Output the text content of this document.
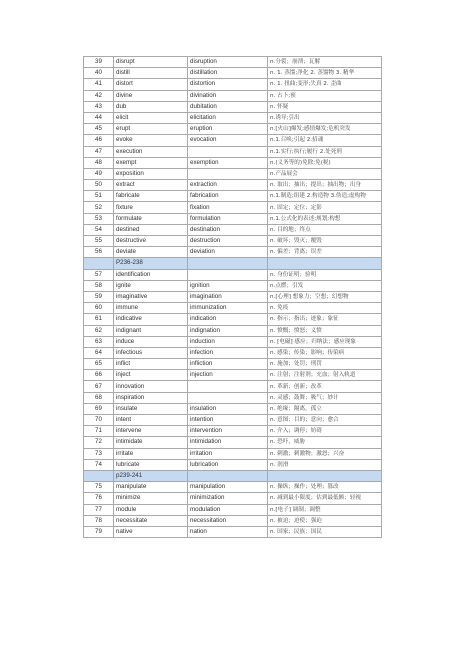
39	disrupt	disruption	n.分裂；崩溃；瓦解
40	distill	distillation	n. 1. 蒸馏;净化 2. 蒸馏物 3. 精华
41	distort	distortion	n. 1. 扭曲;变形;失真 2. 歪曲
42	divine	divination	n. 占卜;预
43	dub	dubitation	n. 怀疑
44	elicit	elicitation	n.诱导;引出
45	erupt	eruption	n.[火山]爆发;感情爆发;危机突发
46	evoke	evocation	n.1.召唤;引起 2.招魂
47	execution		n.1.实行;执行;履行 2.处死刑
48	exempt	exemption	n.(义务等的)免除;免(税)
49	exposition		n.产品展会
50	extract	extraction	n. 取出；抽出；提出；抽出物；出身
51	fabricate	fabrication	n.1.制造;组建 2.构造物 3.伪造;虚构物
52	fixture	fixation	n. 固定；定位；定影
53	formulate	formulation	n.1.公式化的表述;规划;构想
54	destined	destination	n. 目的地；终点
55	destructive	destruction	n. 破坏；毁灭；覆毁
56	deviate	deviation	n. 偏差；背离；误差
	P236-238		
57	identification		n. 身份证明；验明
58	ignite	ignition	n.点燃；引发
59	imaginative	imagination	n.[心理] 想象力；空想；幻想物
60	immune	immunization	n. 免疫
61	indicative	indication	n. 指示；指出；迹象；象征
62	indignant	indignation	n. 愤慨；愤怒；义愤
63	induce	induction	n. [电磁] 感应；归纳法；感应现象
64	infectious	infection	n. 感染；传染；影响；传染病
65	inflict	infliction	n. 施加；处罚；刑罚
66	inject	injection	n. 注射；注射剂；充血；射入轨道
67	innovation		n. 革新；创新；改革
68	inspiration		n. 灵感；鼓舞；吸气；妙计
69	insulate	insulation	n. 绝缘；隔离，孤立
70	intent	intention	n. 意图；目的；意向；愈合
71	intervene	intervention	n. 介入；调停；妨碍
72	intimidate	intimidation	n. 恐吓，威胁
73	irritate	irritation	n. 刺激；刺激物；激怒；兴奋
74	lubricate	lubrication	n. 润滑
	p239-241		
75	manipulate	manipulation	n. 操纵；操作；处理；篡改
76	minimize	minimization	n. 减到最小限度；估到最低额；轻视
77	module	modulation	n.[电子] 调制；调整
78	necessitate	necessitation	n. 被迫；迫使；强迫
79	native	nation	n. 国家；民族；国民
